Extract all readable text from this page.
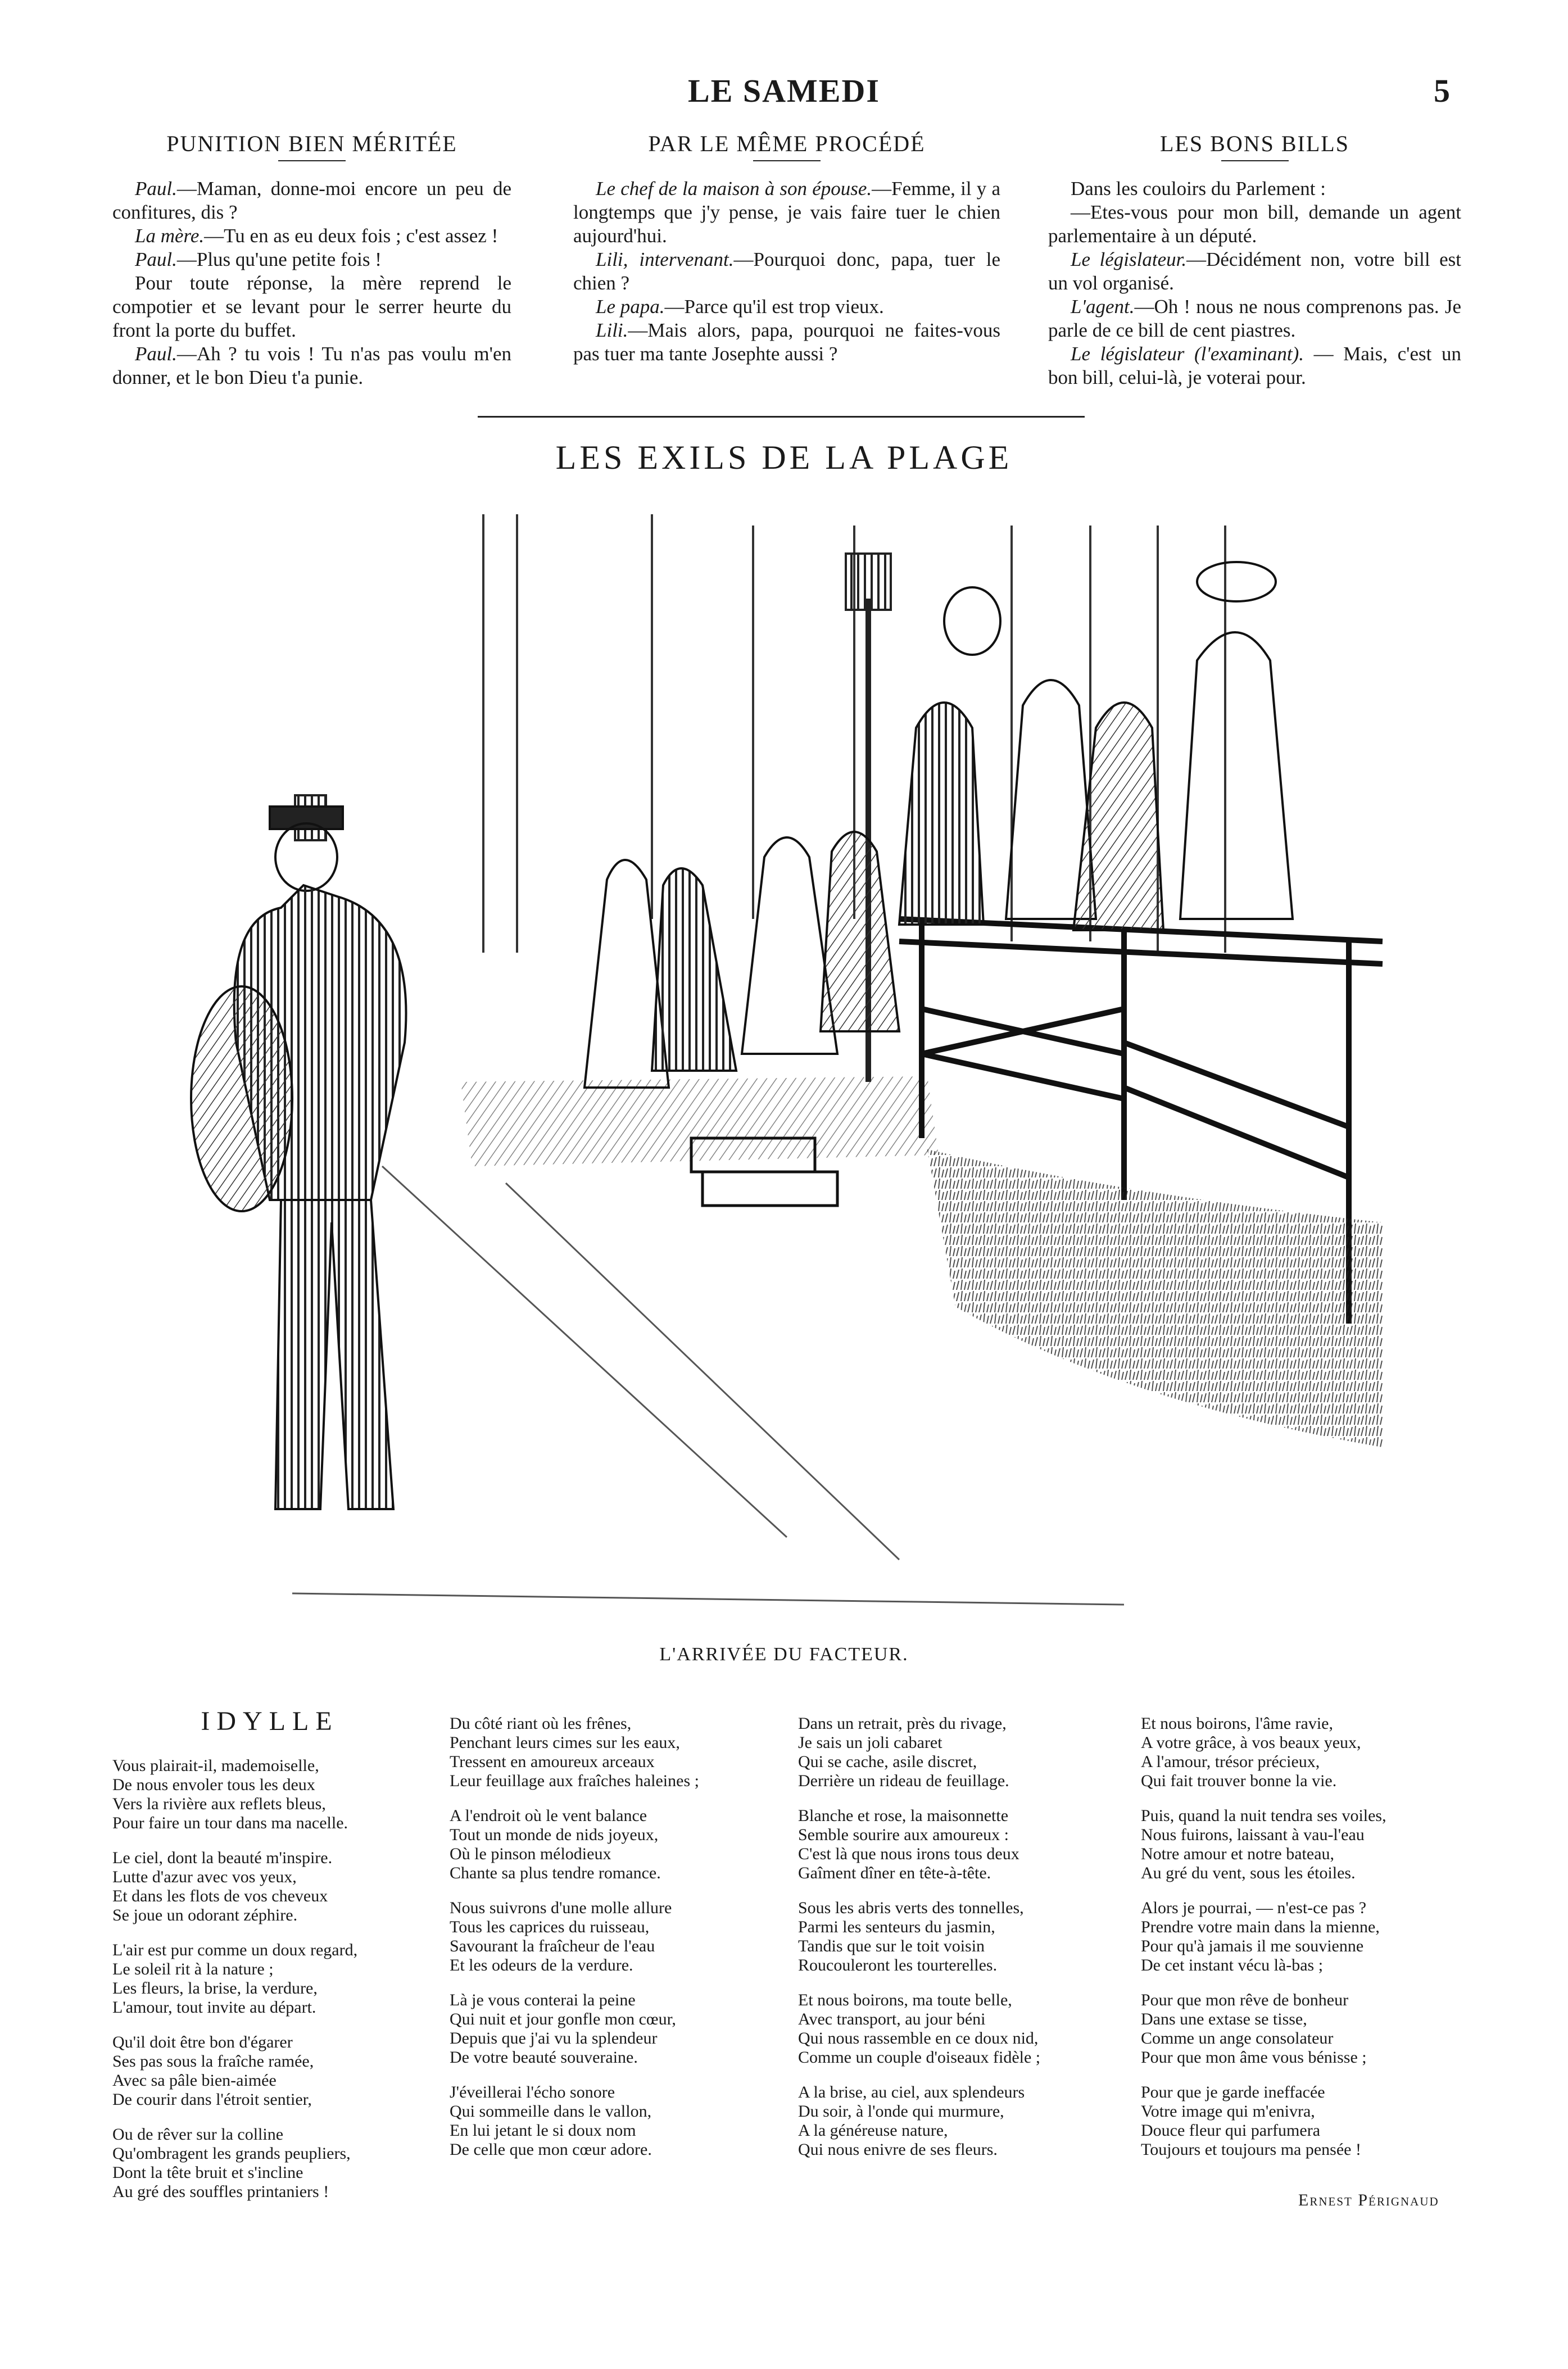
LE SAMEDI	5
PUNITION BIEN MÉRITÉE

Paul.—Maman, donne-moi encore un peu de confitures, dis ?

La mère.—Tu en as eu deux fois ; c'est assez !

Paul.—Plus qu'une petite fois !

Pour toute réponse, la mère reprend le compotier et se levant pour le serrer heurte du front la porte du buffet.

Paul.—Ah ? tu vois ! Tu n'as pas voulu m'en donner, et le bon Dieu t'a punie.

PAR LE MÊME PROCÉDÉ

Le chef de la maison à son épouse.—Femme, il y a longtemps que j'y pense, je vais faire tuer le chien aujourd'hui.

Lili, intervenant.—Pourquoi donc, papa, tuer le chien ?

Le papa.—Parce qu'il est trop vieux.

Lili.—Mais alors, papa, pourquoi ne faites-vous pas tuer ma tante Josephte aussi ?

LES BONS BILLS

Dans les couloirs du Parlement :

—Etes-vous pour mon bill, demande un agent parlementaire à un député.

Le législateur.—Décidément non, votre bill est un vol organisé.

L'agent.—Oh ! nous ne nous comprenons pas. Je parle de ce bill de cent piastres.

Le législateur (l'examinant). — Mais, c'est un bon bill, celui-là, je voterai pour.

LES EXILS DE LA PLAGE
L'ARRIVÉE DU FACTEUR.
IDYLLE
Vous plairait-il, mademoiselle,
De nous envoler tous les deux
Vers la rivière aux reflets bleus,
Pour faire un tour dans ma nacelle.
Le ciel, dont la beauté m'inspire.
Lutte d'azur avec vos yeux,
Et dans les flots de vos cheveux
Se joue un odorant zéphire.
L'air est pur comme un doux regard,
Le soleil rit à la nature ;
Les fleurs, la brise, la verdure,
L'amour, tout invite au départ.
Qu'il doit être bon d'égarer
Ses pas sous la fraîche ramée,
Avec sa pâle bien-aimée
De courir dans l'étroit sentier,
Ou de rêver sur la colline
Qu'ombragent les grands peupliers,
Dont la tête bruit et s'incline
Au gré des souffles printaniers !
Du côté riant où les frênes,
Penchant leurs cimes sur les eaux,
Tressent en amoureux arceaux
Leur feuillage aux fraîches haleines ;
A l'endroit où le vent balance
Tout un monde de nids joyeux,
Où le pinson mélodieux
Chante sa plus tendre romance.
Nous suivrons d'une molle allure
Tous les caprices du ruisseau,
Savourant la fraîcheur de l'eau
Et les odeurs de la verdure.
Là je vous conterai la peine
Qui nuit et jour gonfle mon cœur,
Depuis que j'ai vu la splendeur
De votre beauté souveraine.
J'éveillerai l'écho sonore
Qui sommeille dans le vallon,
En lui jetant le si doux nom
De celle que mon cœur adore.
Dans un retrait, près du rivage,
Je sais un joli cabaret
Qui se cache, asile discret,
Derrière un rideau de feuillage.
Blanche et rose, la maisonnette
Semble sourire aux amoureux :
C'est là que nous irons tous deux
Gaîment dîner en tête-à-tête.
Sous les abris verts des tonnelles,
Parmi les senteurs du jasmin,
Tandis que sur le toit voisin
Roucouleront les tourterelles.
Et nous boirons, ma toute belle,
Avec transport, au jour béni
Qui nous rassemble en ce doux nid,
Comme un couple d'oiseaux fidèle ;
A la brise, au ciel, aux splendeurs
Du soir, à l'onde qui murmure,
A la généreuse nature,
Qui nous enivre de ses fleurs.
Et nous boirons, l'âme ravie,
A votre grâce, à vos beaux yeux,
A l'amour, trésor précieux,
Qui fait trouver bonne la vie.
Puis, quand la nuit tendra ses voiles,
Nous fuirons, laissant à vau-l'eau
Notre amour et notre bateau,
Au gré du vent, sous les étoiles.
Alors je pourrai, — n'est-ce pas ?
Prendre votre main dans la mienne,
Pour qu'à jamais il me souvienne
De cet instant vécu là-bas ;
Pour que mon rêve de bonheur
Dans une extase se tisse,
Comme un ange consolateur
Pour que mon âme vous bénisse ;
Pour que je garde ineffacée
Votre image qui m'enivra,
Douce fleur qui parfumera
Toujours et toujours ma pensée !
Ernest Pérignaud
